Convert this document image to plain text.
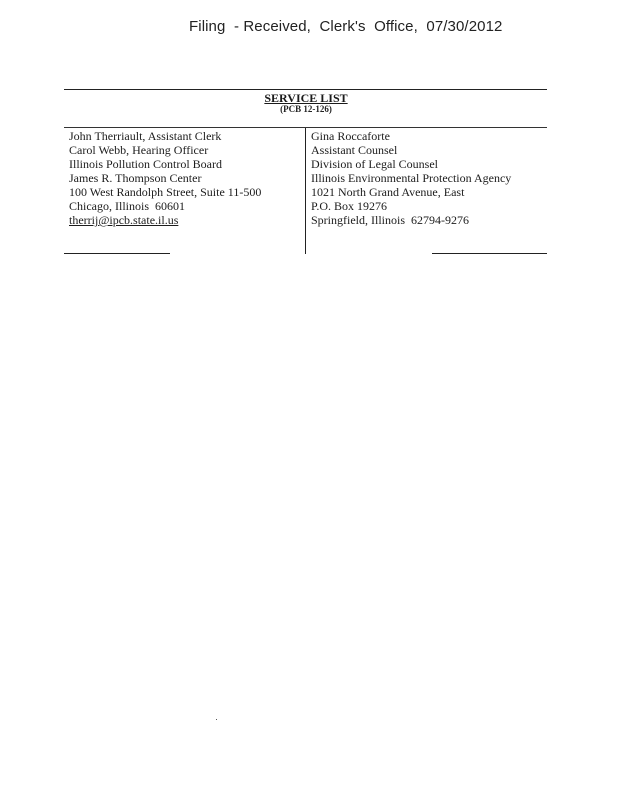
Filing  - Received,  Clerk's  Office,  07/30/2012
SERVICE LIST
(PCB 12-126)
John Therriault, Assistant Clerk
Carol Webb, Hearing Officer
Illinois Pollution Control Board
James R. Thompson Center
100 West Randolph Street, Suite 11-500
Chicago, Illinois  60601
therrij@ipcb.state.il.us
Gina Roccaforte
Assistant Counsel
Division of Legal Counsel
Illinois Environmental Protection Agency
1021 North Grand Avenue, East
P.O. Box 19276
Springfield, Illinois  62794-9276
